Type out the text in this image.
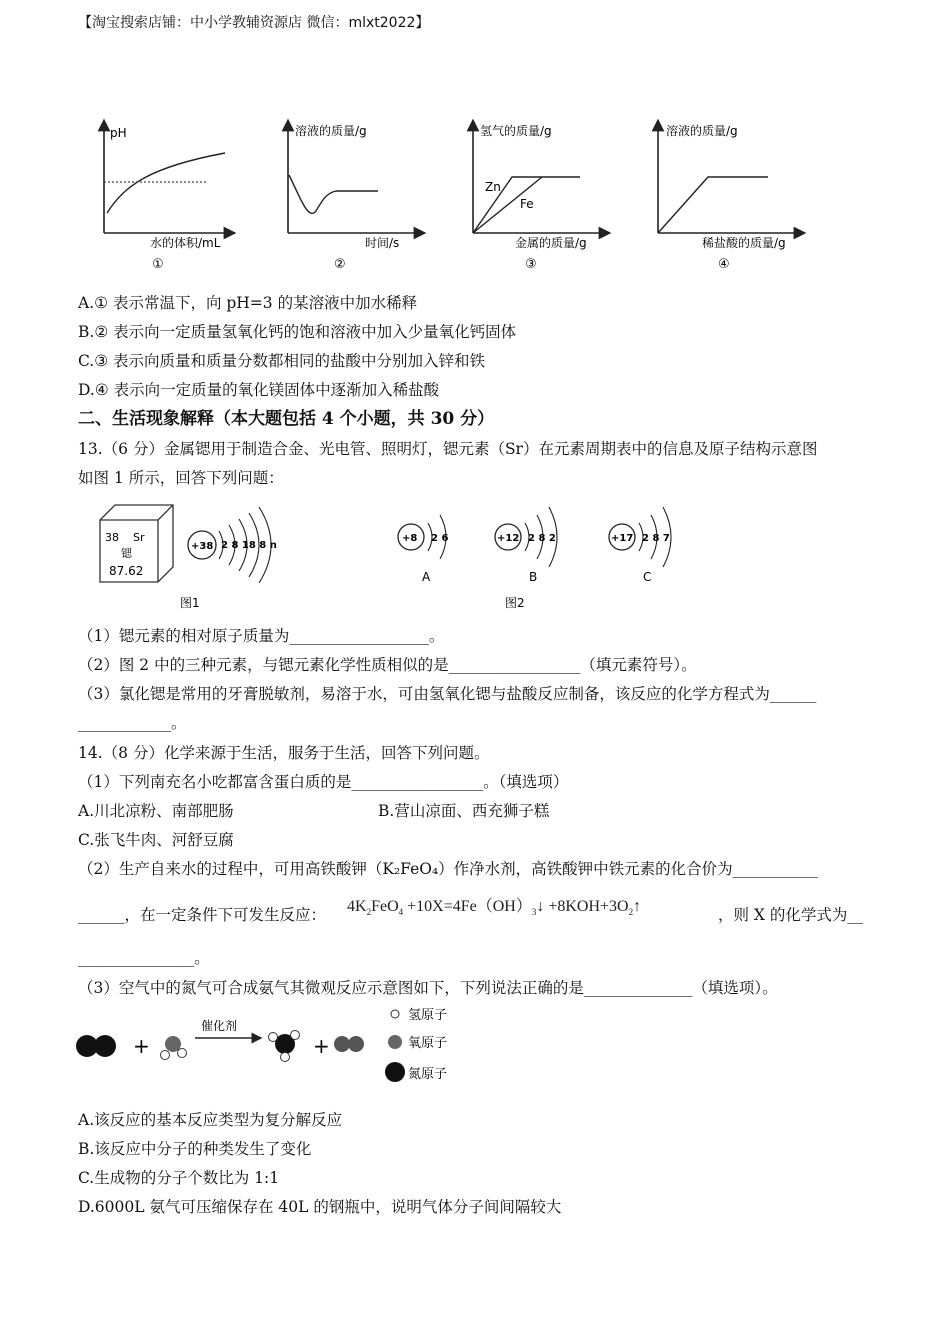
【淘宝搜索店铺：中小学教辅资源店 微信：mlxt2022】
pH
水的体积/mL
①
溶液的质量/g
时间/s
②
Zn
Fe
氢气的质量/g
金属的质量/g
③
溶液的质量/g
稀盐酸的质量/g
④
A.① 表示常温下，向 pH=3 的某溶液中加水稀释
B.② 表示向一定质量氢氧化钙的饱和溶液中加入少量氧化钙固体
C.③ 表示向质量和质量分数都相同的盐酸中分别加入锌和铁
D.④ 表示向一定质量的氧化镁固体中逐渐加入稀盐酸
二、生活现象解释（本大题包括 4 个小题，共 30 分）
13.（6 分）金属锶用于制造合金、光电管、照明灯，锶元素（Sr）在元素周期表中的信息及原子结构示意图
如图 1 所示，回答下列问题：
38 Sr
锶
87.62
+38 2 8 18 8 n
图1
+8 2 6
A
+12 2 8 2
B
+17 2 8 7
C
图2
（1）锶元素的相对原子质量为__________________。
（2）图 2 中的三种元素，与锶元素化学性质相似的是_________________（填元素符号）。
（3）氯化锶是常用的牙膏脱敏剂，易溶于水，可由氢氧化锶与盐酸反应制备，该反应的化学方程式为______
____________。
14.（8 分）化学来源于生活，服务于生活，回答下列问题。
（1）下列南充名小吃都富含蛋白质的是_________________。（填选项）
A.川北凉粉、南部肥肠	B.营山凉面、西充狮子糕
C.张飞牛肉、河舒豆腐
（2）生产自来水的过程中，可用高铁酸钾（K₂FeO₄）作净水剂，高铁酸钾中铁元素的化合价为___________
______，在一定条件下可发生反应： $4K_2FeO_4$ $+10X=4Fe(OH)_3↓$ $+8KOH+3O_2↑$	，则 X 的化学式为__
_______________。
（3）空气中的氮气可合成氨气其微观反应示意图如下，下列说法正确的是______________（填选项）。
+
催化剂
+
氢原子
氧原子
氮原子
A.该反应的基本反应类型为复分解反应
B.该反应中分子的种类发生了变化
C.生成物的分子个数比为 1:1
D.6000L 氨气可压缩保存在 40L 的钢瓶中，说明气体分子间间隔较大
